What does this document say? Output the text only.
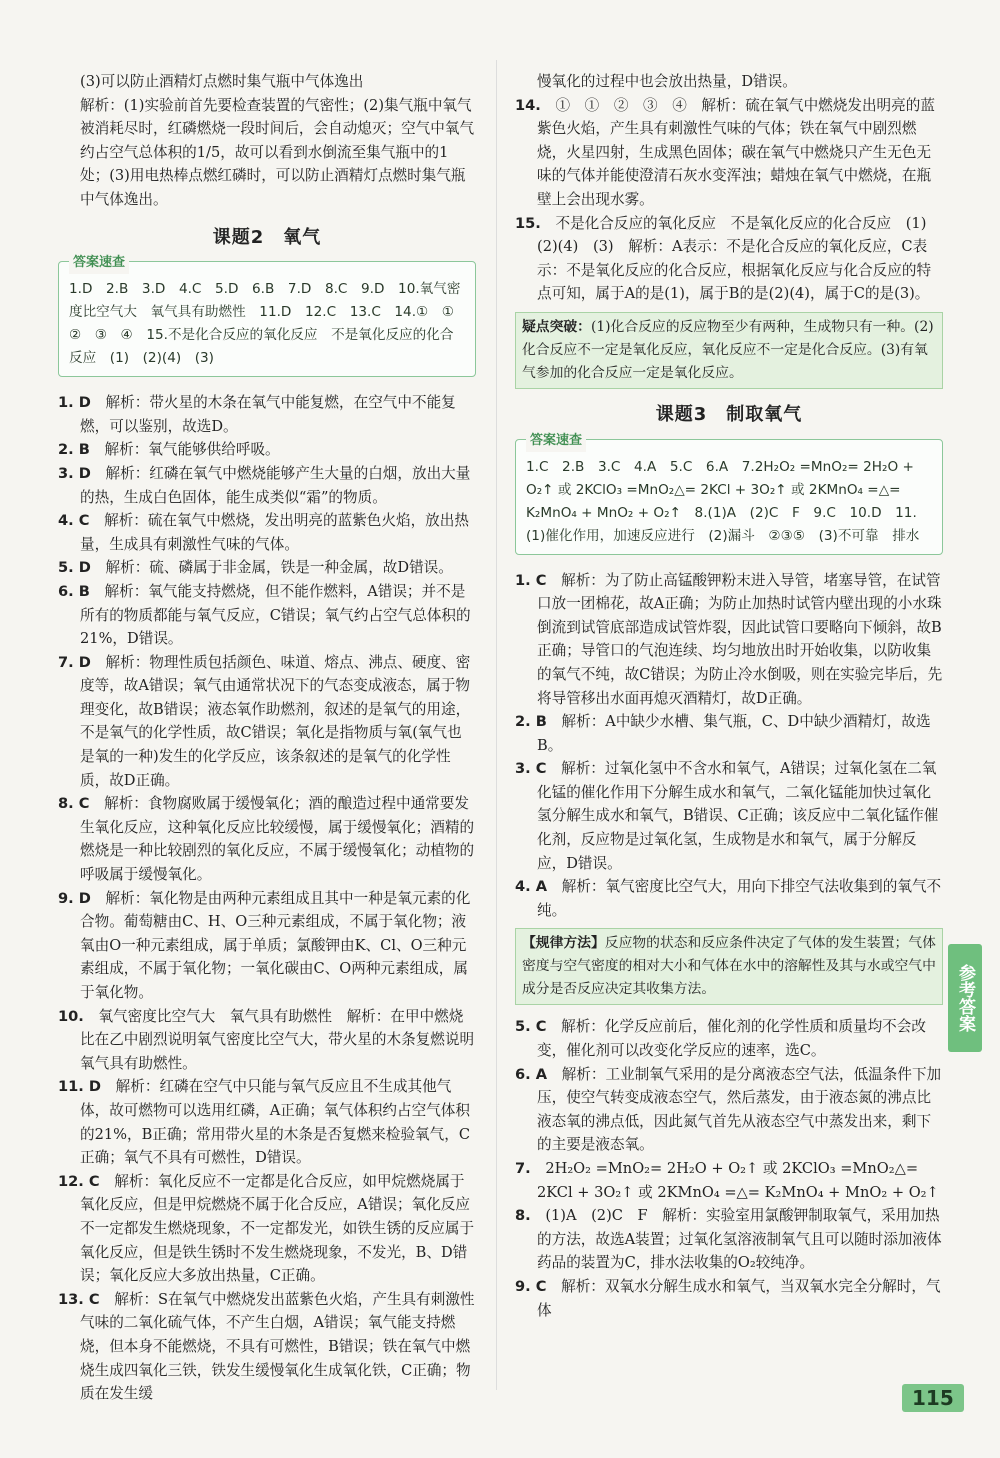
(3)可以防止酒精灯点燃时集气瓶中气体逸出

解析：(1)实验前首先要检查装置的气密性；(2)集气瓶中氧气被消耗尽时，红磷燃烧一段时间后，会自动熄灭；空气中氧气约占空气总体积的1/5，故可以看到水倒流至集气瓶中的1处；(3)用电热棒点燃红磷时，可以防止酒精灯点燃时集气瓶中气体逸出。

课题2　氧气
答案速查
1.D　2.B　3.D　4.C　5.D　6.B　7.D　8.C　9.D　10.氧气密度比空气大　氧气具有助燃性　11.D　12.C　13.C　14.①　①　②　③　④　15.不是化合反应的氧化反应　不是氧化反应的化合反应　(1)　(2)(4)　(3)

1. D　 解析：带火星的木条在氧气中能复燃，在空气中不能复燃，可以鉴别，故选D。

2. B　 解析：氧气能够供给呼吸。

3. D　 解析：红磷在氧气中燃烧能够产生大量的白烟，放出大量的热，生成白色固体，能生成类似“霜”的物质。

4. C　 解析：硫在氧气中燃烧，发出明亮的蓝紫色火焰，放出热量，生成具有刺激性气味的气体。

5. D　 解析：硫、磷属于非金属，铁是一种金属，故D错误。

6. B　 解析：氧气能支持燃烧，但不能作燃料，A错误；并不是所有的物质都能与氧气反应，C错误；氧气约占空气总体积的21%，D错误。

7. D　 解析：物理性质包括颜色、味道、熔点、沸点、硬度、密度等，故A错误；氧气由通常状况下的气态变成液态，属于物理变化，故B错误；液态氧作助燃剂，叙述的是氧气的用途，不是氧气的化学性质，故C错误；氧化是指物质与氧(氧气也是氧的一种)发生的化学反应，该条叙述的是氧气的化学性质，故D正确。

8. C　 解析：食物腐败属于缓慢氧化；酒的酿造过程中通常要发生氧化反应，这种氧化反应比较缓慢，属于缓慢氧化；酒精的燃烧是一种比较剧烈的氧化反应，不属于缓慢氧化；动植物的呼吸属于缓慢氧化。

9. D　 解析：氧化物是由两种元素组成且其中一种是氧元素的化合物。葡萄糖由C、H、O三种元素组成，不属于氧化物；液氧由O一种元素组成，属于单质；氯酸钾由K、Cl、O三种元素组成，不属于氧化物；一氧化碳由C、O两种元素组成，属于氧化物。

10.　 氧气密度比空气大　氧气具有助燃性　解析：在甲中燃烧比在乙中剧烈说明氧气密度比空气大，带火星的木条复燃说明氧气具有助燃性。

11. D　 解析：红磷在空气中只能与氧气反应且不生成其他气体，故可燃物可以选用红磷，A正确；氧气体积约占空气体积的21%，B正确；常用带火星的木条是否复燃来检验氧气，C正确；氧气不具有可燃性，D错误。

12. C　 解析：氧化反应不一定都是化合反应，如甲烷燃烧属于氧化反应，但是甲烷燃烧不属于化合反应，A错误；氧化反应不一定都发生燃烧现象，不一定都发光，如铁生锈的反应属于氧化反应，但是铁生锈时不发生燃烧现象，不发光，B、D错误；氧化反应大多放出热量，C正确。

13. C　 解析：S在氧气中燃烧发出蓝紫色火焰，产生具有刺激性气味的二氧化硫气体，不产生白烟，A错误；氧气能支持燃烧，但本身不能燃烧，不具有可燃性，B错误；铁在氧气中燃烧生成四氧化三铁，铁发生缓慢氧化生成氧化铁，C正确；物质在发生缓

慢氧化的过程中也会放出热量，D错误。

14.　 ①　①　②　③　④　解析：硫在氧气中燃烧发出明亮的蓝紫色火焰，产生具有刺激性气味的气体；铁在氧气中剧烈燃烧，火星四射，生成黑色固体；碳在氧气中燃烧只产生无色无味的气体并能使澄清石灰水变浑浊；蜡烛在氧气中燃烧，在瓶壁上会出现水雾。

15.　 不是化合反应的氧化反应　不是氧化反应的化合反应　(1)　(2)(4)　(3)　解析：A表示：不是化合反应的氧化反应，C表示：不是氧化反应的化合反应，根据氧化反应与化合反应的特点可知，属于A的是(1)，属于B的是(2)(4)，属于C的是(3)。

疑点突破：(1)化合反应的反应物至少有两种，生成物只有一种。(2)化合反应不一定是氧化反应，氧化反应不一定是化合反应。(3)有氧气参加的化合反应一定是氧化反应。
课题3　制取氧气
答案速查
1.C　2.B　3.C　4.A　5.C　6.A　7.2H₂O₂ =MnO₂= 2H₂O + O₂↑ 或 2KClO₃ =MnO₂△= 2KCl + 3O₂↑ 或 2KMnO₄ =△= K₂MnO₄ + MnO₂ + O₂↑　8.(1)A　(2)C　F　9.C　10.D　11.(1)催化作用，加速反应进行　(2)漏斗　②③⑤　(3)不可靠　排水

1. C　 解析：为了防止高锰酸钾粉末进入导管，堵塞导管，在试管口放一团棉花，故A正确；为防止加热时试管内壁出现的小水珠倒流到试管底部造成试管炸裂，因此试管口要略向下倾斜，故B正确；导管口的气泡连续、均匀地放出时开始收集，以防收集的氧气不纯，故C错误；为防止冷水倒吸，则在实验完毕后，先将导管移出水面再熄灭酒精灯，故D正确。

2. B　 解析：A中缺少水槽、集气瓶，C、D中缺少酒精灯，故选B。

3. C　 解析：过氧化氢中不含水和氧气，A错误；过氧化氢在二氧化锰的催化作用下分解生成水和氧气，二氧化锰能加快过氧化氢分解生成水和氧气，B错误、C正确；该反应中二氧化锰作催化剂，反应物是过氧化氢，生成物是水和氧气，属于分解反应，D错误。

4. A　 解析：氧气密度比空气大，用向下排空气法收集到的氧气不纯。

【规律方法】反应物的状态和反应条件决定了气体的发生装置；气体密度与空气密度的相对大小和气体在水中的溶解性及其与水或空气中成分是否反应决定其收集方法。

5. C　 解析：化学反应前后，催化剂的化学性质和质量均不会改变，催化剂可以改变化学反应的速率，选C。

6. A　 解析：工业制氧气采用的是分离液态空气法，低温条件下加压，使空气转变成液态空气，然后蒸发，由于液态氮的沸点比液态氧的沸点低，因此氮气首先从液态空气中蒸发出来，剩下的主要是液态氧。

7.　 2H₂O₂ =MnO₂= 2H₂O + O₂↑ 或 2KClO₃ =MnO₂△= 2KCl + 3O₂↑ 或 2KMnO₄ =△= K₂MnO₄ + MnO₂ + O₂↑

8.　 (1)A　(2)C　F　解析：实验室用氯酸钾制取氧气，采用加热的方法，故选A装置；过氧化氢溶液制氧气且可以随时添加液体药品的装置为C，排水法收集的O₂较纯净。

9. C　 解析：双氧水分解生成水和氧气，当双氧水完全分解时，气体

参考答案
115
